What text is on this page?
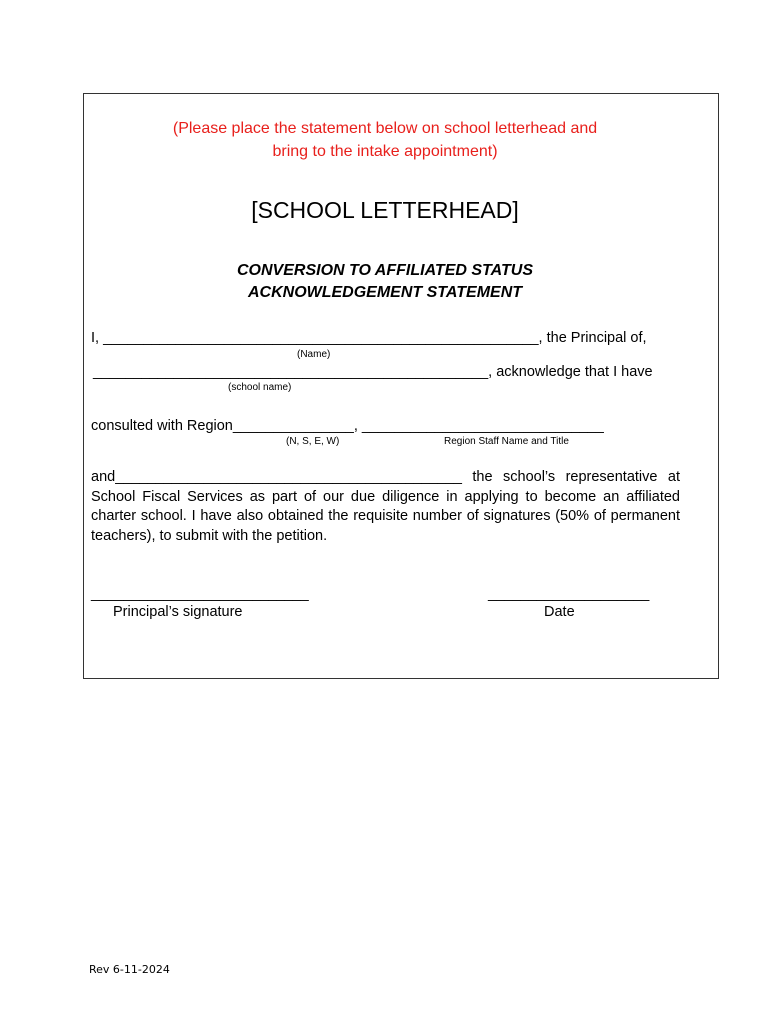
(Please place the statement below on school letterhead and
bring to the intake appointment)
[SCHOOL LETTERHEAD]
CONVERSION TO AFFILIATED STATUS
ACKNOWLEDGEMENT STATEMENT
I, ______________________________________________________, the Principal of,
(Name)
_________________________________________________, acknowledge that I have
(school name)
consulted with Region_______________, ______________________________
(N, S, E, W)	Region Staff Name and Title
and___________________________________________ the school’s representative at School Fiscal Services as part of our due diligence in applying to become an affiliated charter school. I have also obtained the requisite number of signatures (50% of permanent teachers), to submit with the petition.
___________________________
Principal’s signature
____________________
Date
Rev 6-11-2024
